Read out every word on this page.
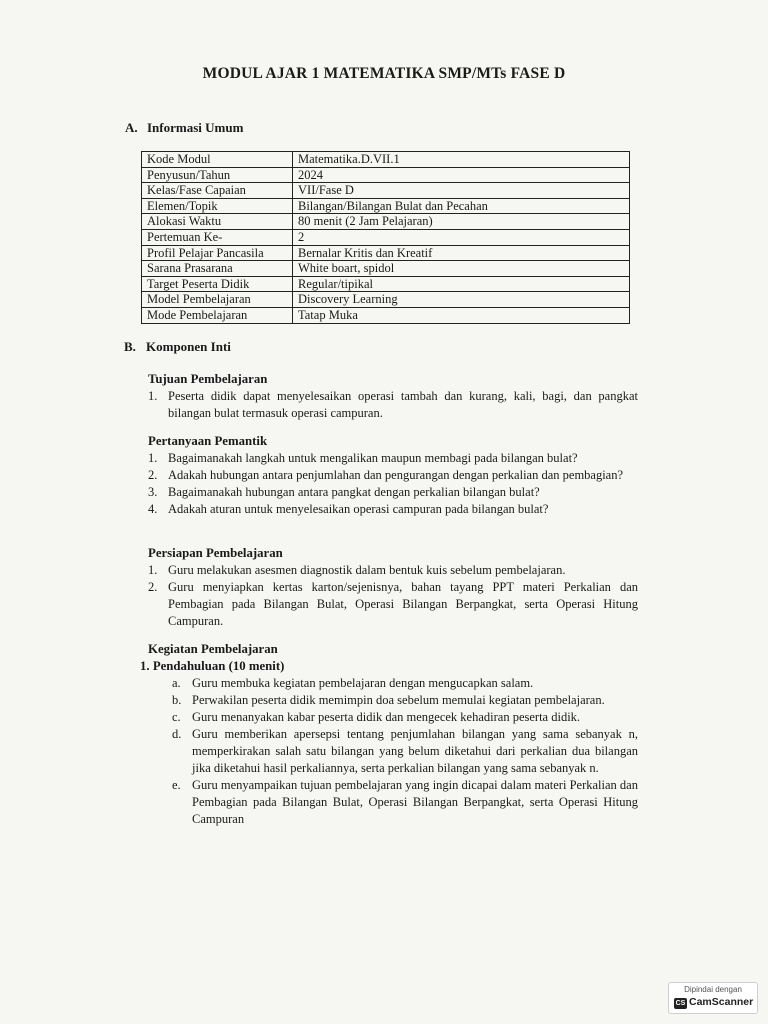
MODUL AJAR 1 MATEMATIKA SMP/MTs FASE D
A. Informasi Umum
Kode Modul	Matematika.D.VII.1
Penyusun/Tahun	2024
Kelas/Fase Capaian	VII/Fase D
Elemen/Topik	Bilangan/Bilangan Bulat dan Pecahan
Alokasi Waktu	80 menit (2 Jam Pelajaran)
Pertemuan Ke-	2
Profil Pelajar Pancasila	Bernalar Kritis dan Kreatif
Sarana Prasarana	White boart, spidol
Target Peserta Didik	Regular/tipikal
Model Pembelajaran	Discovery Learning
Mode Pembelajaran	Tatap Muka
B. Komponen Inti
Tujuan Pembelajaran
1. Peserta didik dapat menyelesaikan operasi tambah dan kurang, kali, bagi, dan pangkat bilangan bulat termasuk operasi campuran.
Pertanyaan Pemantik
1. Bagaimanakah langkah untuk mengalikan maupun membagi pada bilangan bulat?
2. Adakah hubungan antara penjumlahan dan pengurangan dengan perkalian dan pembagian?
3. Bagaimanakah hubungan antara pangkat dengan perkalian bilangan bulat?
4. Adakah aturan untuk menyelesaikan operasi campuran pada bilangan bulat?
Persiapan Pembelajaran
1. Guru melakukan asesmen diagnostik dalam bentuk kuis sebelum pembelajaran.
2. Guru menyiapkan kertas karton/sejenisnya, bahan tayang PPT materi Perkalian dan Pembagian pada Bilangan Bulat, Operasi Bilangan Berpangkat, serta Operasi Hitung Campuran.
Kegiatan Pembelajaran
1. Pendahuluan (10 menit)
a. Guru membuka kegiatan pembelajaran dengan mengucapkan salam.
b. Perwakilan peserta didik memimpin doa sebelum memulai kegiatan pembelajaran.
c. Guru menanyakan kabar peserta didik dan mengecek kehadiran peserta didik.
d. Guru memberikan apersepsi tentang penjumlahan bilangan yang sama sebanyak n, memperkirakan salah satu bilangan yang belum diketahui dari perkalian dua bilangan jika diketahui hasil perkaliannya, serta perkalian bilangan yang sama sebanyak n.
e. Guru menyampaikan tujuan pembelajaran yang ingin dicapai dalam materi Perkalian dan Pembagian pada Bilangan Bulat, Operasi Bilangan Berpangkat, serta Operasi Hitung Campuran
Dipindai dengan
CS CamScanner
